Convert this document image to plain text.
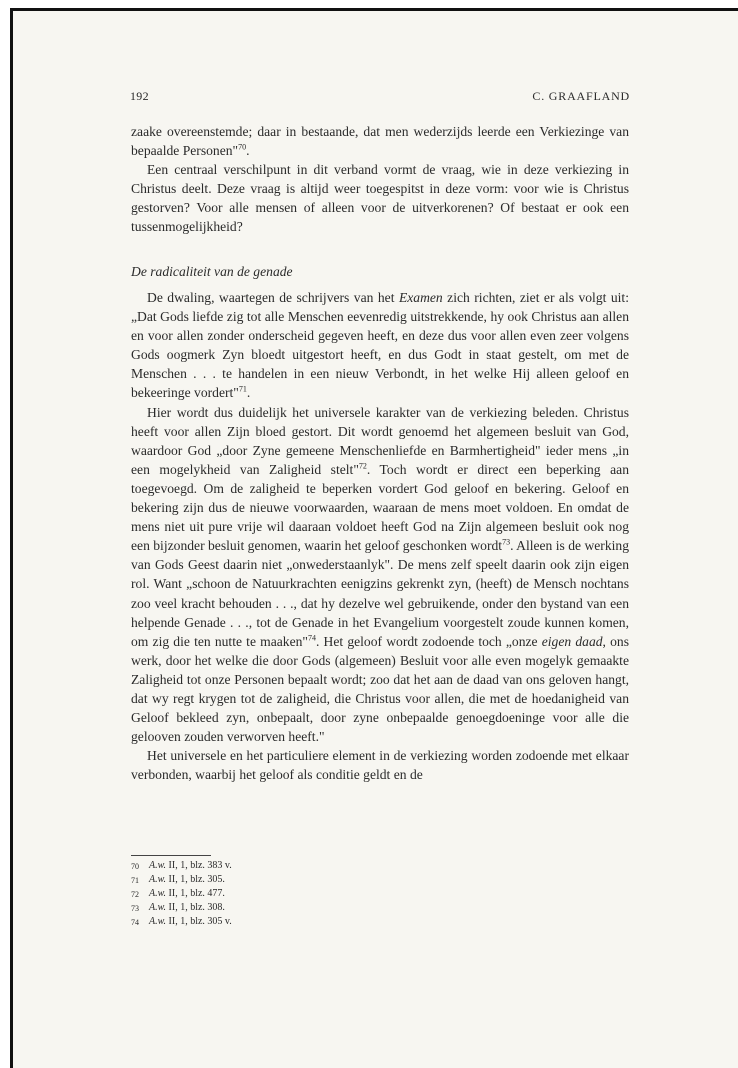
192	C. GRAAFLAND

zaake overeenstemde; daar in bestaande, dat men wederzijds leerde een Verkiezinge van bepaalde Personen"$^{70}$.

Een centraal verschilpunt in dit verband vormt de vraag, wie in deze verkiezing in Christus deelt. Deze vraag is altijd weer toegespitst in deze vorm: voor wie is Christus gestorven? Voor alle mensen of alleen voor de uitverkorenen? Of bestaat er ook een tussenmogelijkheid?

De radicaliteit van de genade

De dwaling, waartegen de schrijvers van het Examen zich richten, ziet er als volgt uit: „Dat Gods liefde zig tot alle Menschen eevenredig uitstrekkende, hy ook Christus aan allen en voor allen zonder onderscheid gegeven heeft, en deze dus voor allen even zeer volgens Gods oogmerk Zyn bloedt uitgestort heeft, en dus Godt in staat gestelt, om met de Menschen . . . te handelen in een nieuw Verbondt, in het welke Hij alleen geloof en bekeeringe vordert"$^{71}$.

Hier wordt dus duidelijk het universele karakter van de verkiezing beleden. Christus heeft voor allen Zijn bloed gestort. Dit wordt genoemd het algemeen besluit van God, waardoor God „door Zyne gemeene Menschenliefde en Barmhertigheid" ieder mens „in een mogelykheid van Zaligheid stelt"$^{72}$. Toch wordt er direct een beperking aan toegevoegd. Om de zaligheid te beperken vordert God geloof en bekering. Geloof en bekering zijn dus de nieuwe voorwaarden, waaraan de mens moet voldoen. En omdat de mens niet uit pure vrije wil daaraan voldoet heeft God na Zijn algemeen besluit ook nog een bijzonder besluit genomen, waarin het geloof geschonken wordt$^{73}$. Alleen is de werking van Gods Geest daarin niet „onwederstaanlyk". De mens zelf speelt daarin ook zijn eigen rol. Want „schoon de Natuurkrachten eenigzins gekrenkt zyn, (heeft) de Mensch nochtans zoo veel kracht behouden . . ., dat hy dezelve wel gebruikende, onder den bystand van een helpende Genade . . ., tot de Genade in het Evangelium voorgestelt zoude kunnen komen, om zig die ten nutte te maaken"$^{74}$. Het geloof wordt zodoende toch „onze eigen daad, ons werk, door het welke die door Gods (algemeen) Besluit voor alle even mogelyk gemaakte Zaligheid tot onze Personen bepaalt wordt; zoo dat het aan de daad van ons geloven hangt, dat wy regt krygen tot de zaligheid, die Christus voor allen, die met de hoedanigheid van Geloof bekleed zyn, onbepaalt, door zyne onbepaalde genoegdoeninge voor alle die gelooven zouden verworven heeft."

Het universele en het particuliere element in de verkiezing worden zodoende met elkaar verbonden, waarbij het geloof als conditie geldt en de

70	A.w. II, 1, blz. 383 v.
71	A.w. II, 1, blz. 305.
72	A.w. II, 1, blz. 477.
73	A.w. II, 1, blz. 308.
74	A.w. II, 1, blz. 305 v.
